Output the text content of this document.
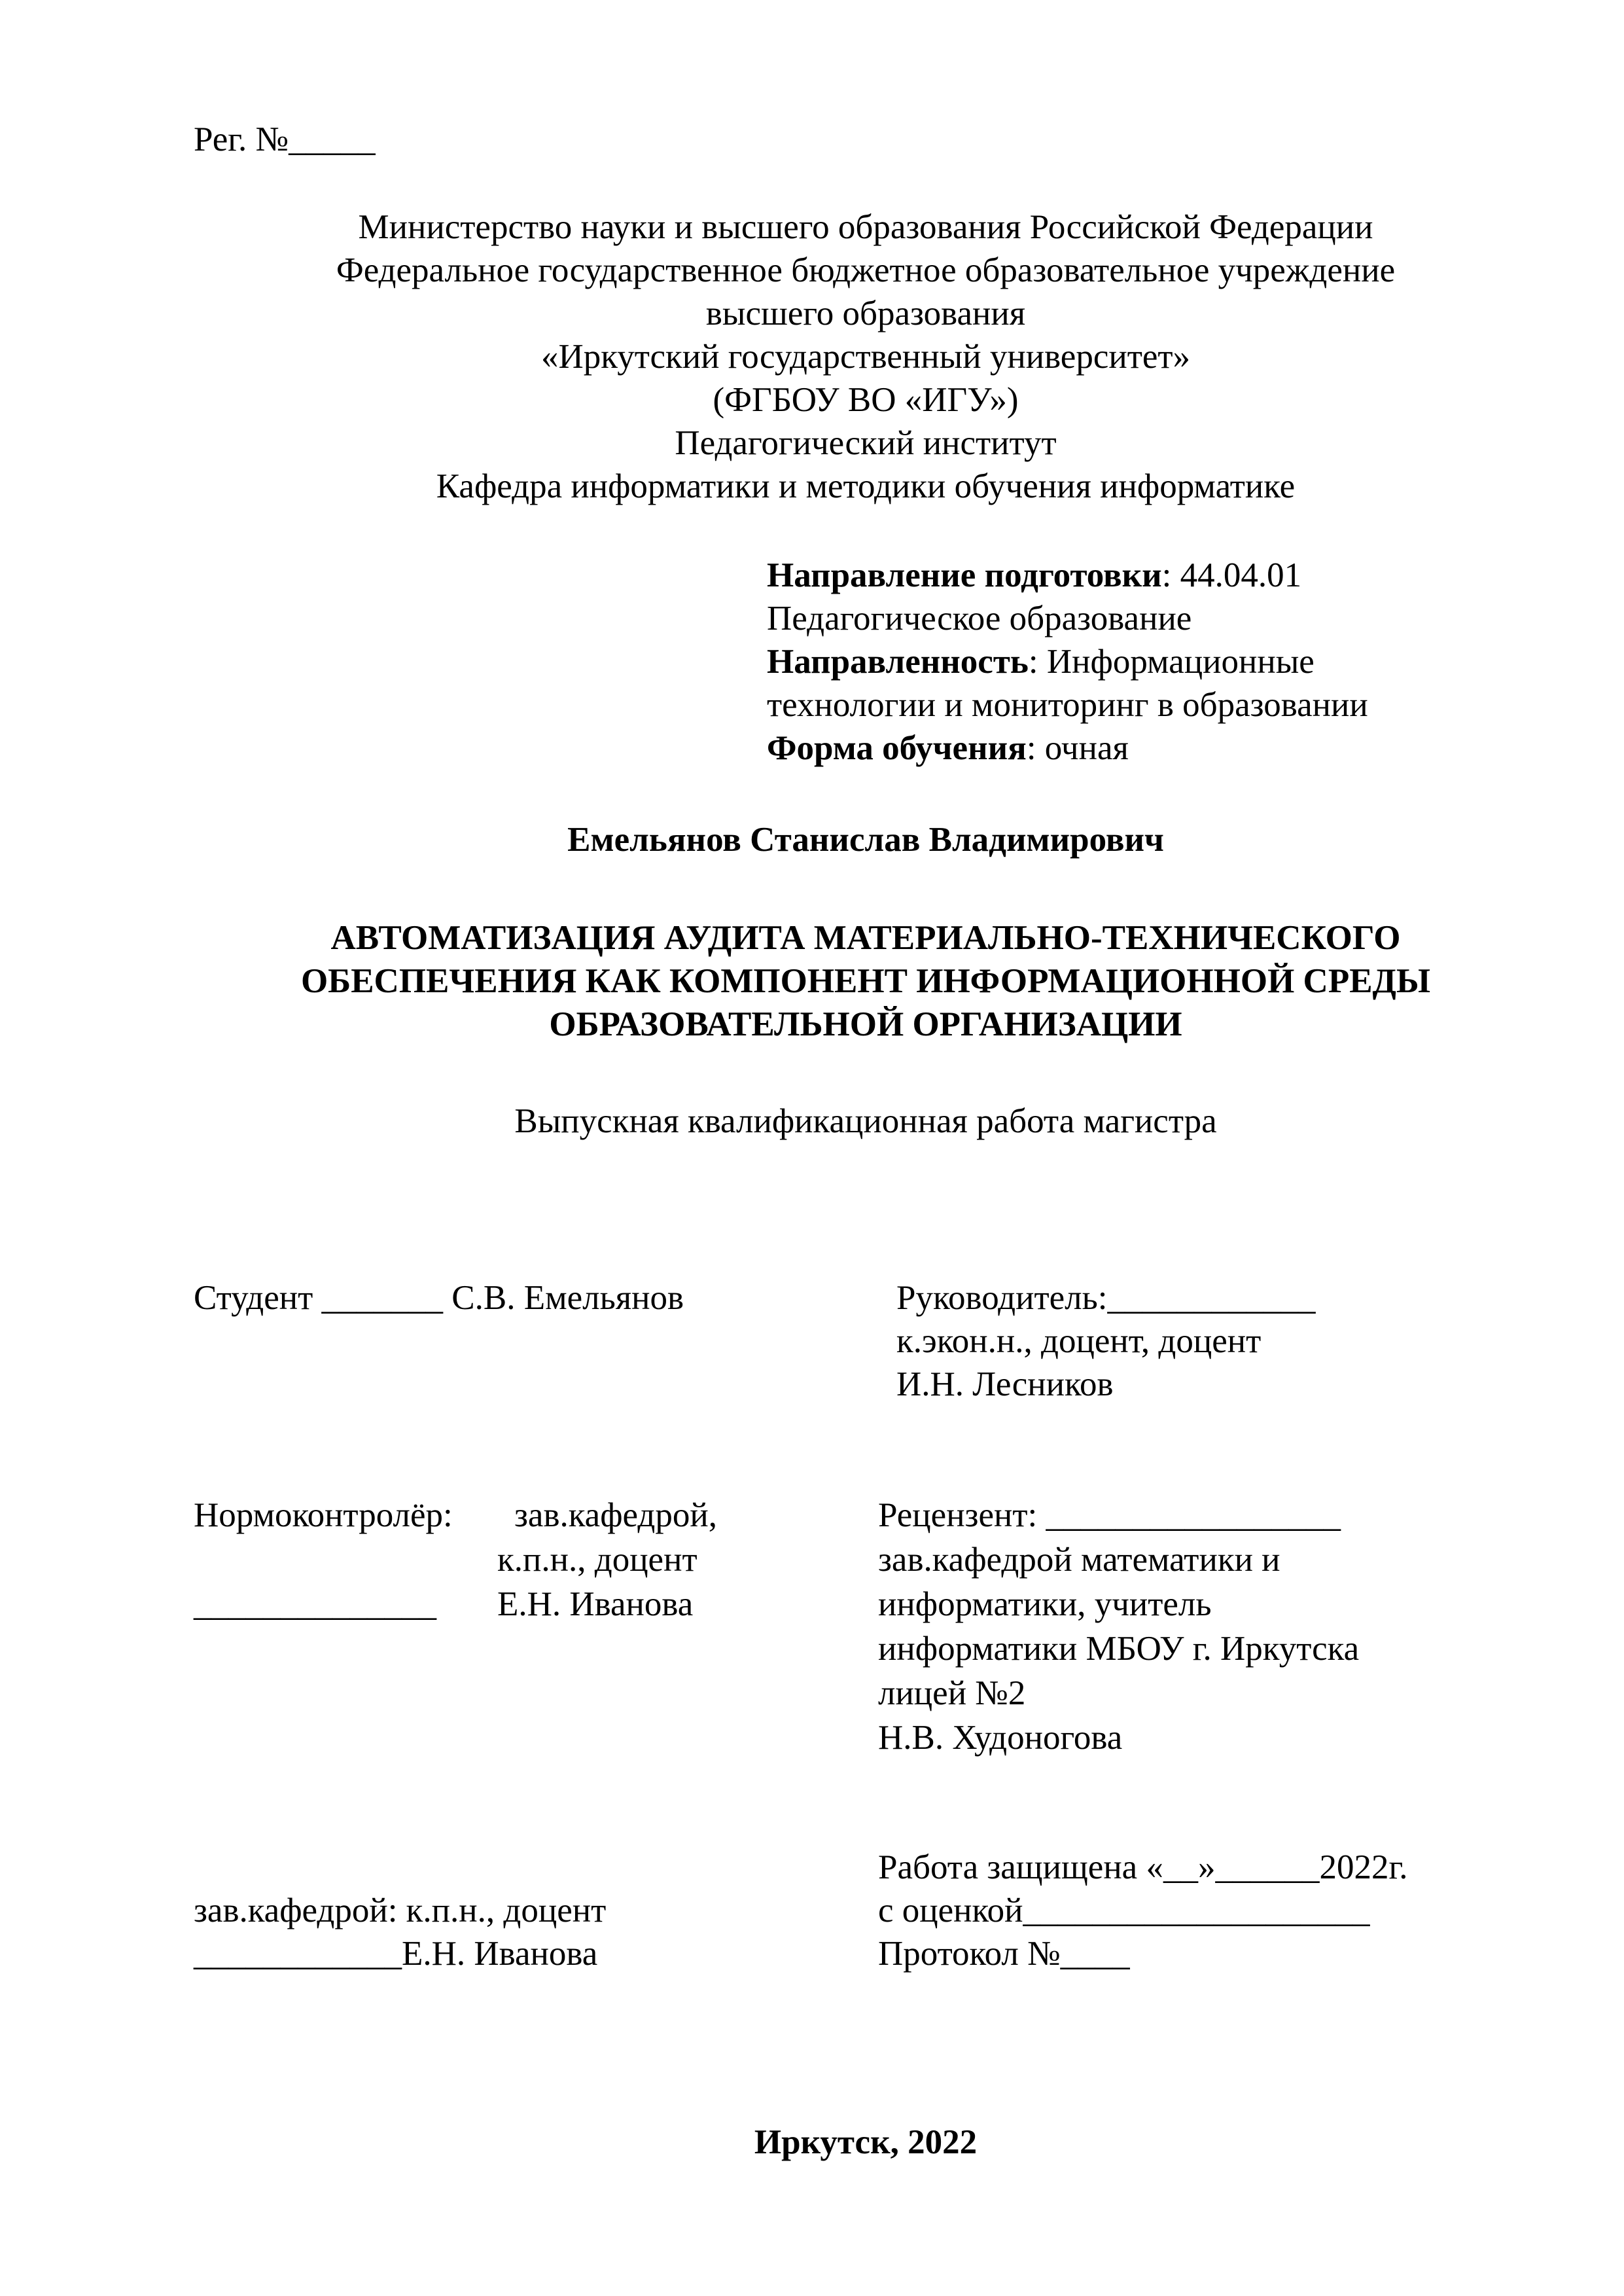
Рег. №_____
Министерство науки и высшего образования Российской Федерации
Федеральное государственное бюджетное образовательное учреждение
высшего образования
«Иркутский государственный университет»
(ФГБОУ ВО «ИГУ»)
Педагогический институт
Кафедра информатики и методики обучения информатике
Направление подготовки: 44.04.01
Педагогическое образование
Направленность: Информационные
технологии и мониторинг в образовании
Форма обучения: очная
Емельянов Станислав Владимирович
АВТОМАТИЗАЦИЯ АУДИТА МАТЕРИАЛЬНО-ТЕХНИЧЕСКОГО
ОБЕСПЕЧЕНИЯ КАК КОМПОНЕНТ ИНФОРМАЦИОННОЙ СРЕДЫ
ОБРАЗОВАТЕЛЬНОЙ ОРГАНИЗАЦИИ
Выпускная квалификационная работа магистра
Студент _______ С.В. Емельянов	Руководитель:____________
к.экон.н., доцент, доцент
И.Н. Лесников
Нормоконтролёр: зав.кафедрой,
к.п.н., доцент
______________ Е.Н. Иванова
Рецензент: _________________
зав.кафедрой математики и
информатики, учитель
информатики МБОУ г. Иркутска
лицей №2
Н.В. Худоногова
Работа защищена «__»______2022г.
с оценкой____________________
Протокол №____
зав.кафедрой: к.п.н., доцент
____________Е.Н. Иванова
Иркутск, 2022
